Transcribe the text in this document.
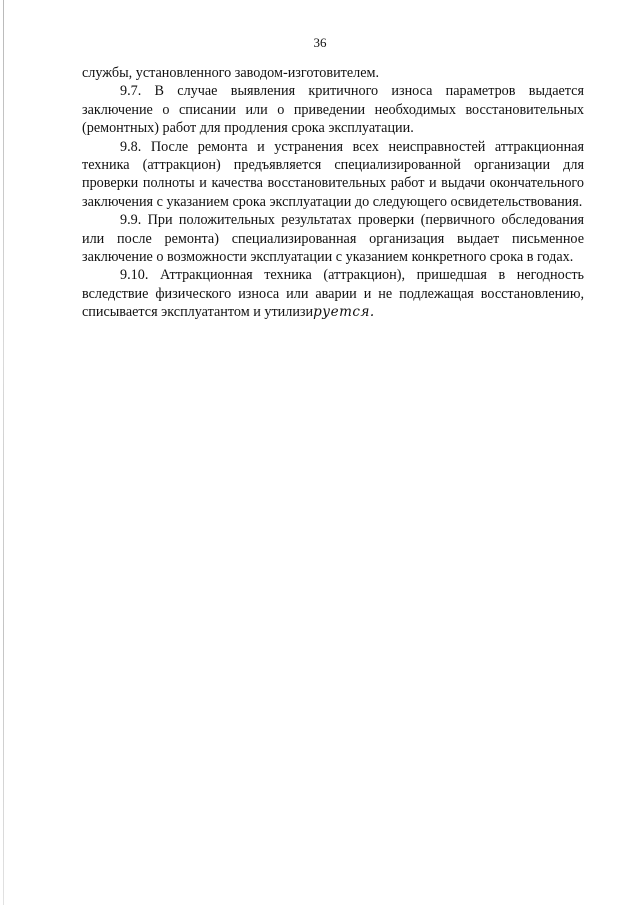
36

службы, установленного заводом-изготовителем.

9.7. В случае выявления критичного износа параметров выдается заключение о списании или о приведении необходимых восстановительных (ремонтных) работ для продления срока эксплуатации.

9.8. После ремонта и устранения всех неисправностей аттракционная техника (аттракцион) предъявляется специализированной организации для проверки полноты и качества восстановительных работ и выдачи окончательного заключения с указанием срока эксплуатации до следующего освидетельствования.

9.9. При положительных результатах проверки (первичного обследования или после ремонта) специализированная организация выдает письменное заключение о возможности эксплуатации с указанием конкретного срока в годах.

9.10. Аттракционная техника (аттракцион), пришедшая в негодность вследствие физического износа или аварии и не подлежащая восстановлению, списывается эксплуатантом и утилизируется.
